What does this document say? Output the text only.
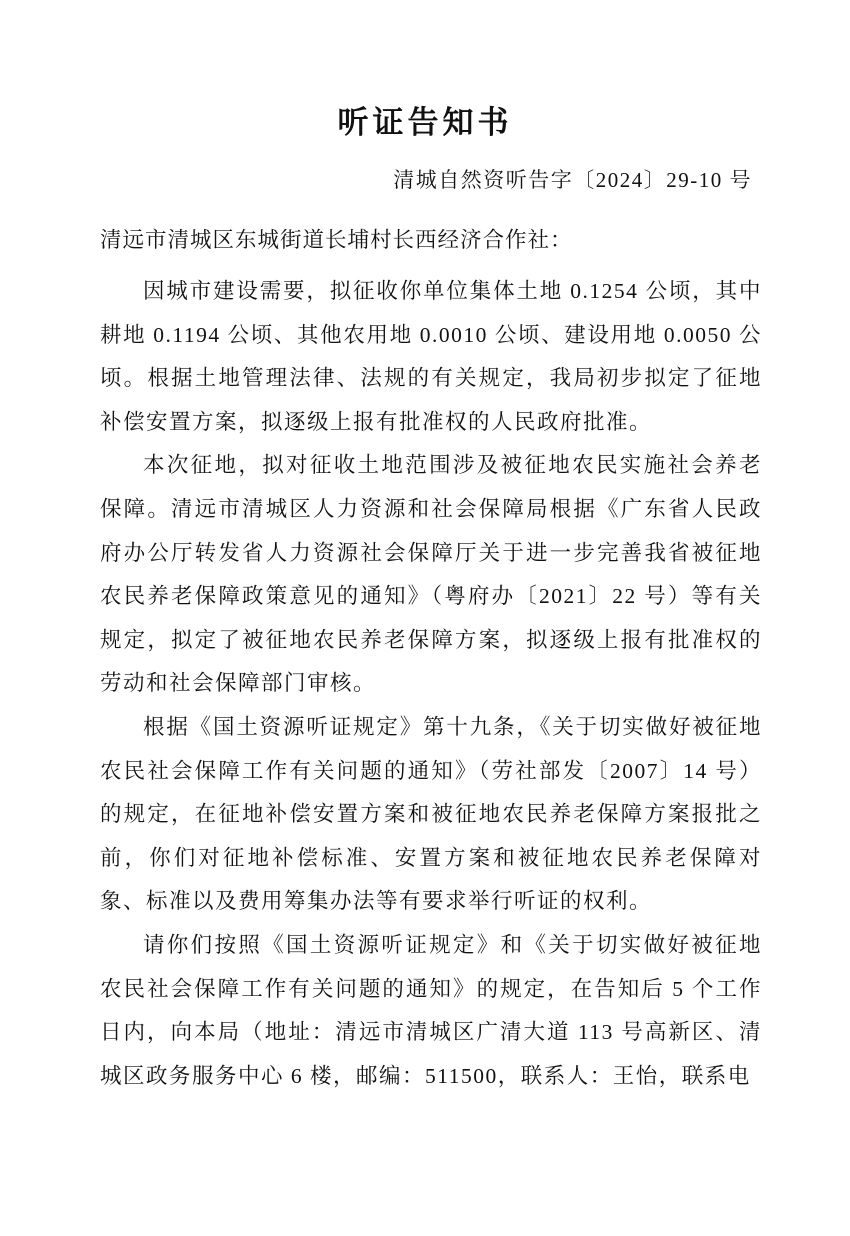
听证告知书
清城自然资听告字〔2024〕29-10 号
清远市清城区东城街道长埔村长西经济合作社：

因城市建设需要，拟征收你单位集体土地 0.1254 公顷，其中耕地 0.1194 公顷、其他农用地 0.0010 公顷、建设用地 0.0050 公顷。根据土地管理法律、法规的有关规定，我局初步拟定了征地补偿安置方案，拟逐级上报有批准权的人民政府批准。

本次征地，拟对征收土地范围涉及被征地农民实施社会养老保障。清远市清城区人力资源和社会保障局根据《广东省人民政府办公厅转发省人力资源社会保障厅关于进一步完善我省被征地农民养老保障政策意见的通知》（粤府办〔2021〕22 号）等有关规定，拟定了被征地农民养老保障方案，拟逐级上报有批准权的劳动和社会保障部门审核。

根据《国土资源听证规定》第十九条，《关于切实做好被征地农民社会保障工作有关问题的通知》（劳社部发〔2007〕14 号）的规定，在征地补偿安置方案和被征地农民养老保障方案报批之前，你们对征地补偿标准、安置方案和被征地农民养老保障对象、标准以及费用筹集办法等有要求举行听证的权利。

请你们按照《国土资源听证规定》和《关于切实做好被征地农民社会保障工作有关问题的通知》的规定，在告知后 5 个工作日内，向本局（地址：清远市清城区广清大道 113 号高新区、清城区政务服务中心 6 楼，邮编：511500，联系人：王怡，联系电
